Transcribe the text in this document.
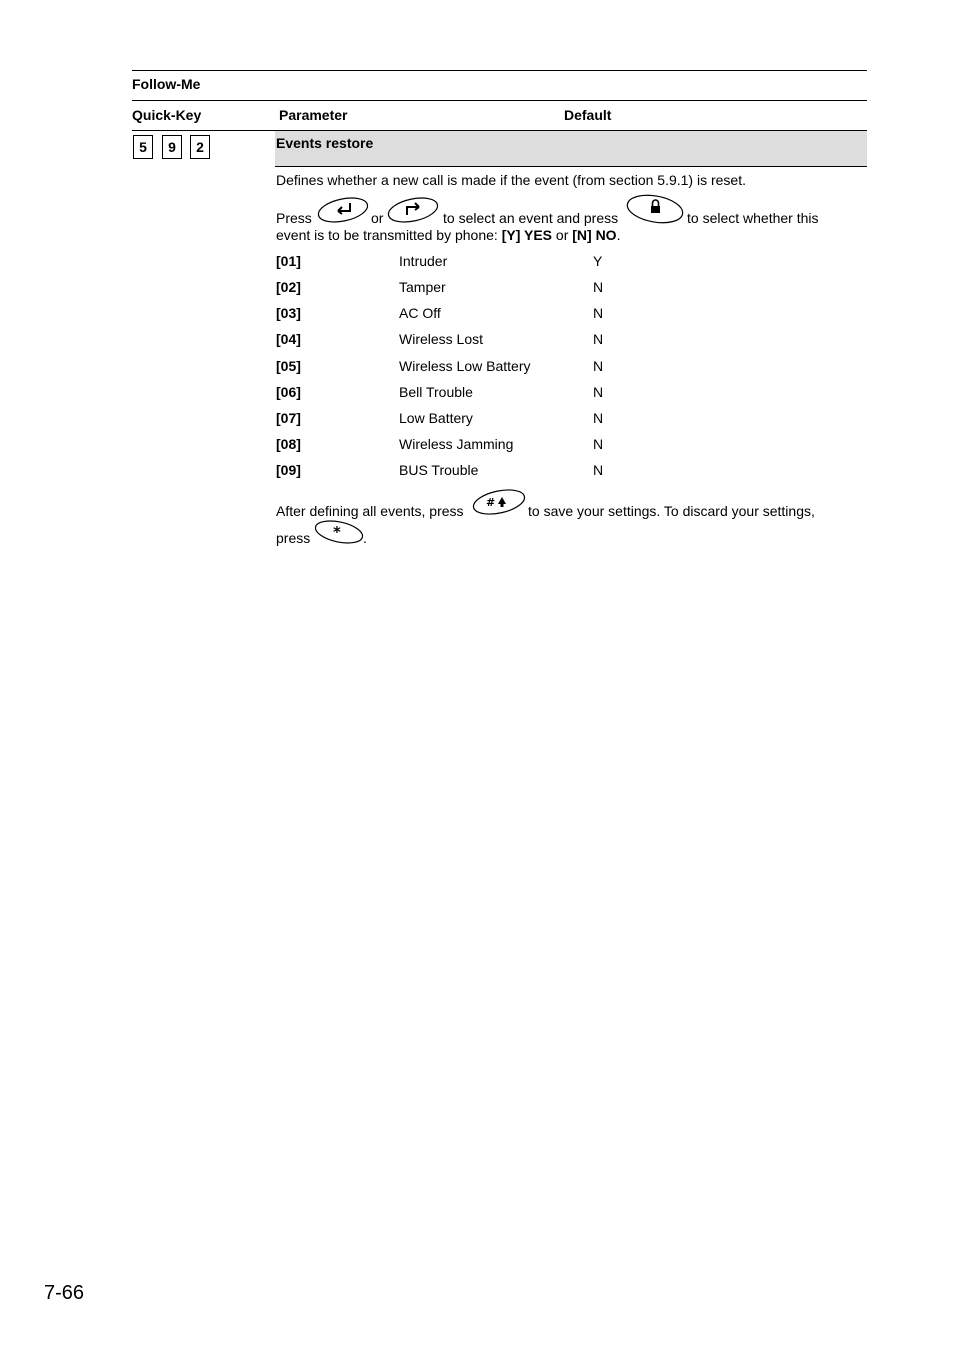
Follow-Me
Quick-Key	Parameter	Default
5	9	2	Events restore
Defines whether a new call is made if the event (from section 5.9.1) is reset.
Press	or	to select an event and press	to select whether this
event is to be transmitted by phone: [Y] YES or [N] NO.
[01]	Intruder	Y
[02]	Tamper	N
[03]	AC Off	N
[04]	Wireless Lost	N
[05]	Wireless Low Battery	N
[06]	Bell Trouble	N
[07]	Low Battery	N
[08]	Wireless Jamming	N
[09]	BUS Trouble	N
After defining all events, press
#
to save your settings. To discard your settings,
press * .
7-66
